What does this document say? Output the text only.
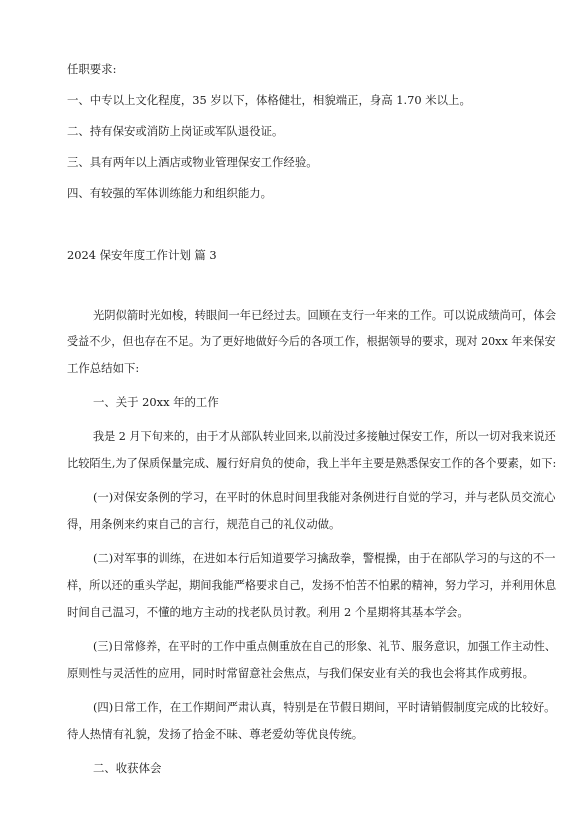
任职要求:
一、中专以上文化程度，35 岁以下，体格健壮，相貌端正，身高 1.70 米以上。
二、持有保安或消防上岗证或军队退役证。
三、具有两年以上酒店或物业管理保安工作经验。
四、有较强的军体训练能力和组织能力。
2024 保安年度工作计划 篇 3
光阴似箭时光如梭，转眼间一年已经过去。回顾在支行一年来的工作。可以说成绩尚可，体会
受益不少，但也存在不足。为了更好地做好今后的各项工作，根据领导的要求，现对 20xx 年来保安
工作总结如下:
一、关于 20xx 年的工作
我是 2 月下旬来的，由于才从部队转业回来,以前没过多接触过保安工作，所以一切对我来说还
比较陌生,为了保质保量完成、履行好肩负的使命，我上半年主要是熟悉保安工作的各个要素，如下:
(一)对保安条例的学习，在平时的休息时间里我能对条例进行自觉的学习，并与老队员交流心
得，用条例来约束自己的言行，规范自己的礼仪动做。
(二)对军事的训练，在进如本行后知道要学习擒敌拳，警棍操，由于在部队学习的与这的不一
样，所以还的重头学起，期间我能严格要求自己，发扬不怕苦不怕累的精神，努力学习，并利用休息
时间自己温习，不懂的地方主动的找老队员讨教。利用 2 个星期将其基本学会。
(三)日常修养，在平时的工作中重点侧重放在自己的形象、礼节、服务意识，加强工作主动性、
原则性与灵活性的应用，同时时常留意社会焦点，与我们保安业有关的我也会将其作成剪报。
(四)日常工作，在工作期间严肃认真，特别是在节假日期间，平时请销假制度完成的比较好。
待人热情有礼貌，发扬了拾金不昧、尊老爱幼等优良传统。
二、收获体会
